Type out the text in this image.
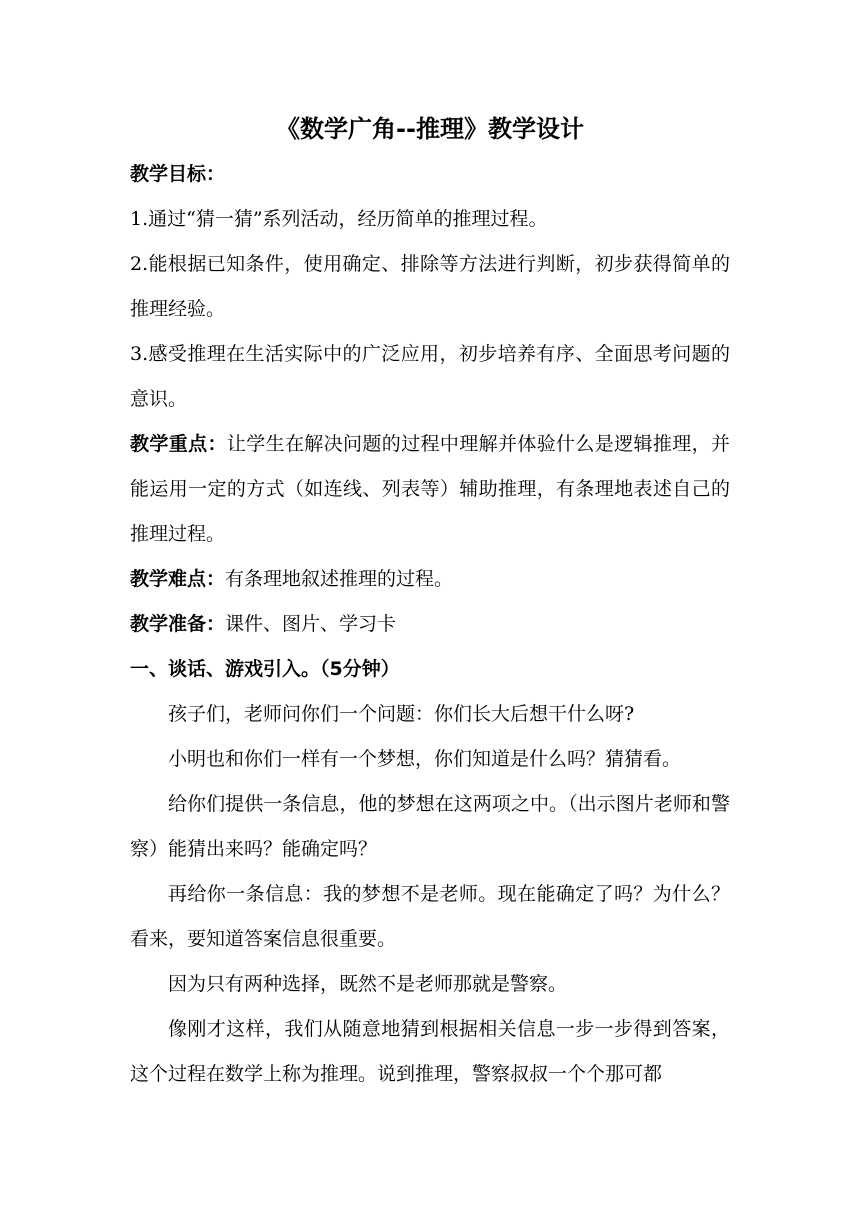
《数学广角--推理》教学设计

教学目标：

1.通过“猜一猜”系列活动，经历简单的推理过程。

2.能根据已知条件，使用确定、排除等方法进行判断，初步获得简单的推理经验。

3.感受推理在生活实际中的广泛应用，初步培养有序、全面思考问题的意识。

教学重点：让学生在解决问题的过程中理解并体验什么是逻辑推理，并能运用一定的方式（如连线、列表等）辅助推理，有条理地表述自己的推理过程。

教学难点：有条理地叙述推理的过程。

教学准备：课件、图片、学习卡

一、谈话、游戏引入。（5分钟）

孩子们，老师问你们一个问题：你们长大后想干什么呀?

小明也和你们一样有一个梦想，你们知道是什么吗？猜猜看。

给你们提供一条信息，他的梦想在这两项之中。（出示图片老师和警察）能猜出来吗？能确定吗？

再给你一条信息：我的梦想不是老师。现在能确定了吗？为什么？看来，要知道答案信息很重要。

因为只有两种选择，既然不是老师那就是警察。

像刚才这样，我们从随意地猜到根据相关信息一步一步得到答案，这个过程在数学上称为推理。说到推理，警察叔叔一个个那可都
